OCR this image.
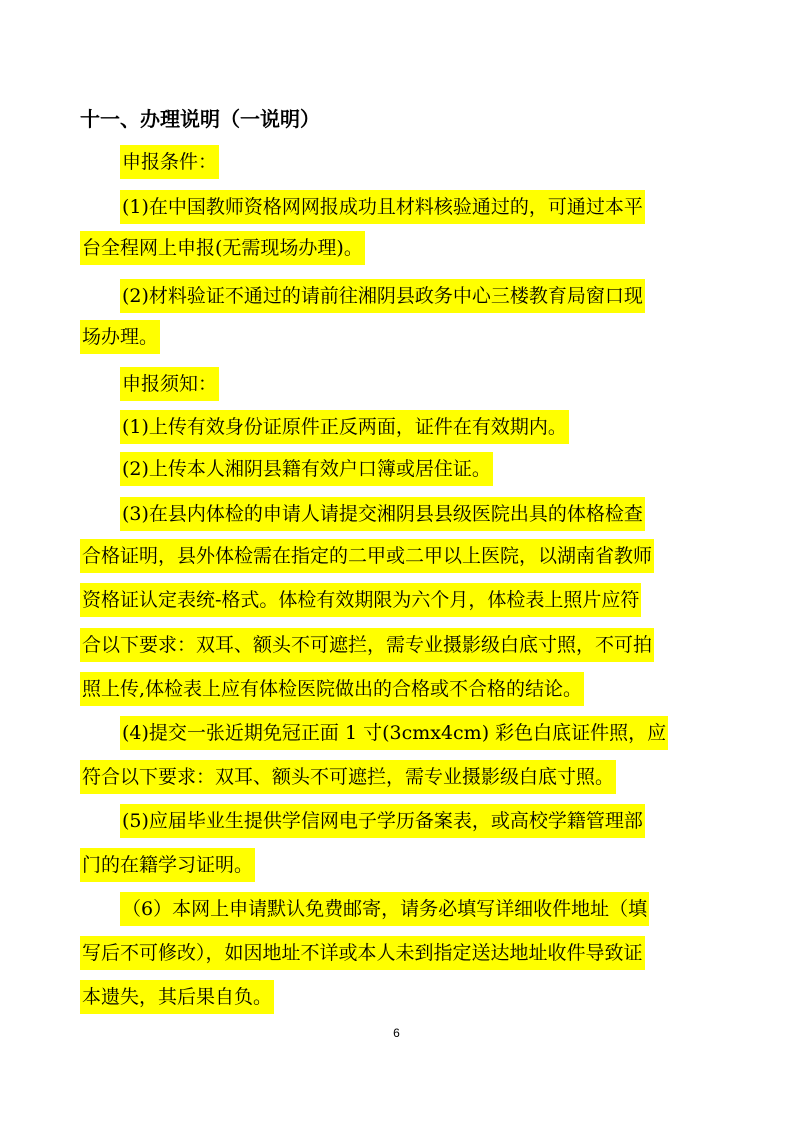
十一、办理说明（一说明）
申报条件：
(1)在中国教师资格网网报成功且材料核验通过的，可通过本平
台全程网上申报(无需现场办理)。
(2)材料验证不通过的请前往湘阴县政务中心三楼教育局窗口现
场办理。
申报须知：
(1)上传有效身份证原件正反两面，证件在有效期内。
(2)上传本人湘阴县籍有效户口簿或居住证。
(3)在县内体检的申请人请提交湘阴县县级医院出具的体格检查
合格证明，县外体检需在指定的二甲或二甲以上医院，以湖南省教师
资格证认定表统-格式。体检有效期限为六个月，体检表上照片应符
合以下要求：双耳、额头不可遮拦，需专业摄影级白底寸照，不可拍
照上传,体检表上应有体检医院做出的合格或不合格的结论。
(4)提交一张近期免冠正面 1 寸(3cmx4cm) 彩色白底证件照，应
符合以下要求：双耳、额头不可遮拦，需专业摄影级白底寸照。
(5)应届毕业生提供学信网电子学历备案表，或高校学籍管理部
门的在籍学习证明。
（6）本网上申请默认免费邮寄，请务必填写详细收件地址（填
写后不可修改），如因地址不详或本人未到指定送达地址收件导致证
本遗失，其后果自负。
6
